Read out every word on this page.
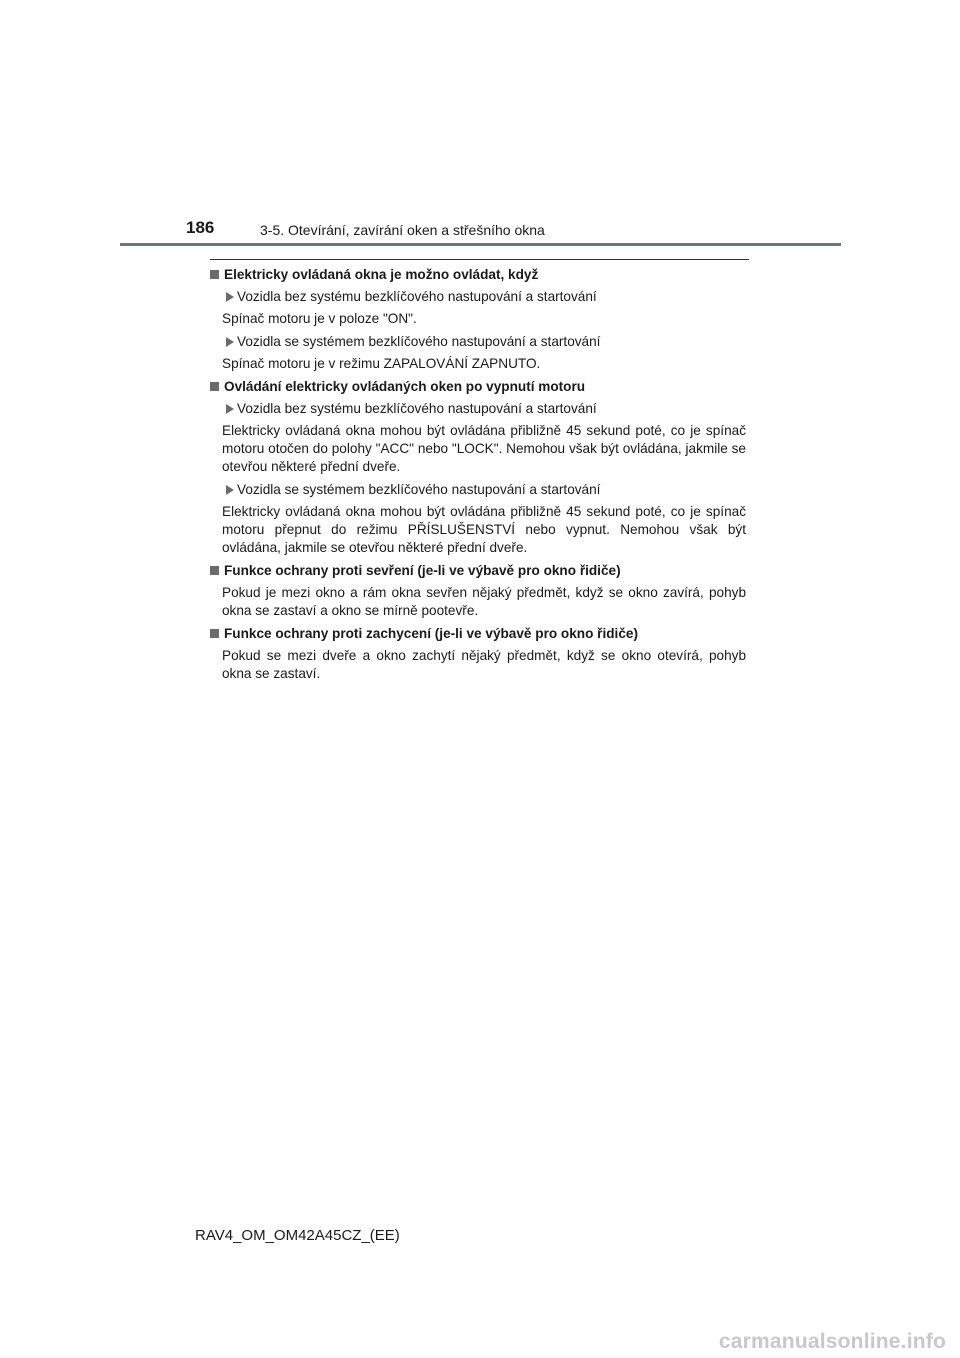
186	3-5. Otevírání, zavírání oken a střešního okna
Elektricky ovládaná okna je možno ovládat, když
Vozidla bez systému bezklíčového nastupování a startování
Spínač motoru je v poloze "ON".
Vozidla se systémem bezklíčového nastupování a startování
Spínač motoru je v režimu ZAPALOVÁNÍ ZAPNUTO.
Ovládání elektricky ovládaných oken po vypnutí motoru
Vozidla bez systému bezklíčového nastupování a startování
Elektricky ovládaná okna mohou být ovládána přibližně 45 sekund poté, co je spínač motoru otočen do polohy "ACC" nebo "LOCK". Nemohou však být ovládána, jakmile se otevřou některé přední dveře.
Vozidla se systémem bezklíčového nastupování a startování
Elektricky ovládaná okna mohou být ovládána přibližně 45 sekund poté, co je spínač motoru přepnut do režimu PŘÍSLUŠENSTVÍ nebo vypnut. Nemohou však být ovládána, jakmile se otevřou některé přední dveře.
Funkce ochrany proti sevření (je-li ve výbavě pro okno řidiče)
Pokud je mezi okno a rám okna sevřen nějaký předmět, když se okno zavírá, pohyb okna se zastaví a okno se mírně pootevře.
Funkce ochrany proti zachycení (je-li ve výbavě pro okno řidiče)
Pokud se mezi dveře a okno zachytí nějaký předmět, když se okno otevírá, pohyb okna se zastaví.
RAV4_OM_OM42A45CZ_(EE)
carmanualsonline.info
